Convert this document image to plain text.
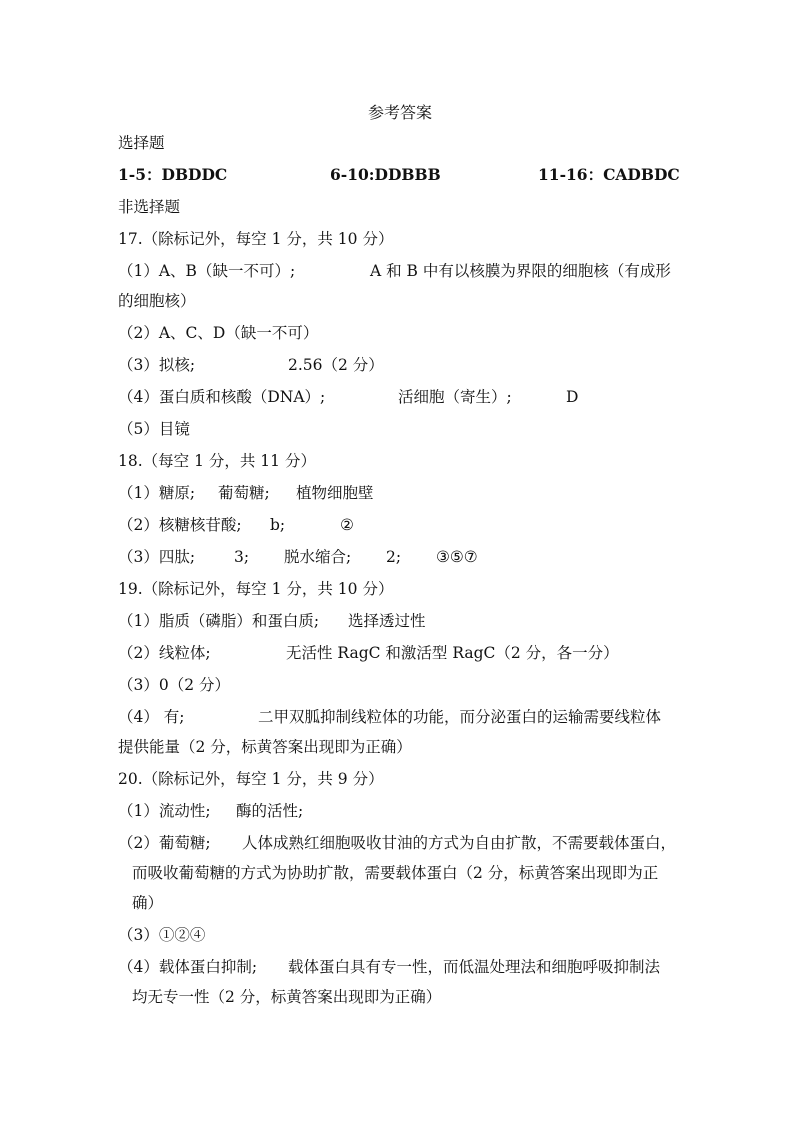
参考答案
选择题
1-5：DBDDC	6-10:DDBBB	11-16：CADBDC
非选择题
17.（除标记外，每空 1 分，共 10 分）
（1）A、B（缺一不可）;	A 和 B 中有以核膜为界限的细胞核（有成形
的细胞核）
（2）A、C、D（缺一不可）
（3）拟核;	2.56（2 分）
（4）蛋白质和核酸（DNA）;	活细胞（寄生）;	D
（5）目镜
18.（每空 1 分，共 11 分）
（1）糖原; 葡萄糖; 植物细胞壁
（2）核糖核苷酸; b;	②
（3）四肽;	3; 脱水缩合; 2; ③⑤⑦
19.（除标记外，每空 1 分，共 10 分）
（1）脂质（磷脂）和蛋白质; 选择透过性
（2）线粒体;	无活性 RagC 和激活型 RagC（2 分，各一分）
（3）0（2 分）
（4） 有;	二甲双胍抑制线粒体的功能，而分泌蛋白的运输需要线粒体
提供能量（2 分，标黄答案出现即为正确）
20.（除标记外，每空 1 分，共 9 分）
（1）流动性; 酶的活性;
（2）葡萄糖; 人体成熟红细胞吸收甘油的方式为自由扩散，不需要载体蛋白，
而吸收葡萄糖的方式为协助扩散，需要载体蛋白（2 分，标黄答案出现即为正
确）
（3）①②④
（4）载体蛋白抑制; 载体蛋白具有专一性，而低温处理法和细胞呼吸抑制法
均无专一性（2 分，标黄答案出现即为正确）
